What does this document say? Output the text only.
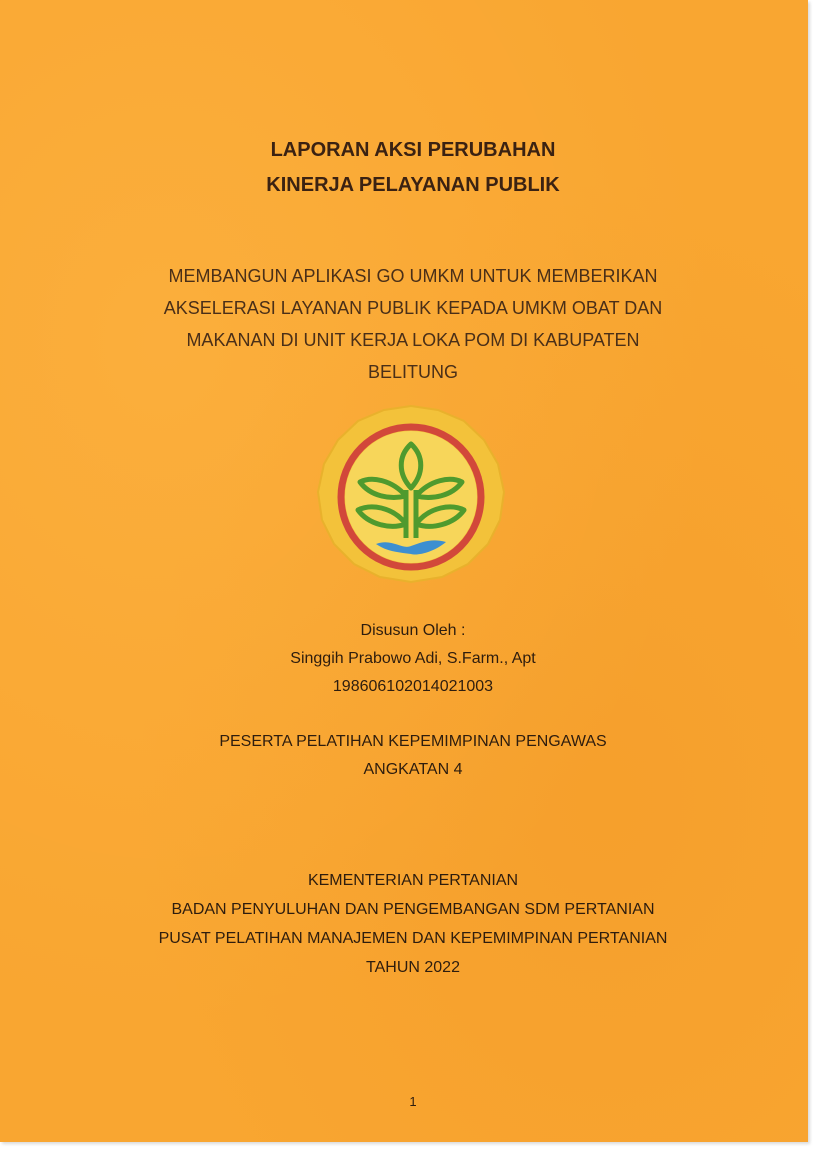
LAPORAN AKSI PERUBAHAN
KINERJA PELAYANAN PUBLIK
MEMBANGUN APLIKASI GO UMKM UNTUK MEMBERIKAN
AKSELERASI LAYANAN PUBLIK KEPADA UMKM OBAT DAN
MAKANAN DI UNIT KERJA LOKA POM DI KABUPATEN
BELITUNG
Disusun Oleh :
Singgih Prabowo Adi, S.Farm., Apt
198606102014021003
PESERTA PELATIHAN KEPEMIMPINAN PENGAWAS
ANGKATAN 4
KEMENTERIAN PERTANIAN
BADAN PENYULUHAN DAN PENGEMBANGAN SDM PERTANIAN
PUSAT PELATIHAN MANAJEMEN DAN KEPEMIMPINAN PERTANIAN
TAHUN 2022
1
